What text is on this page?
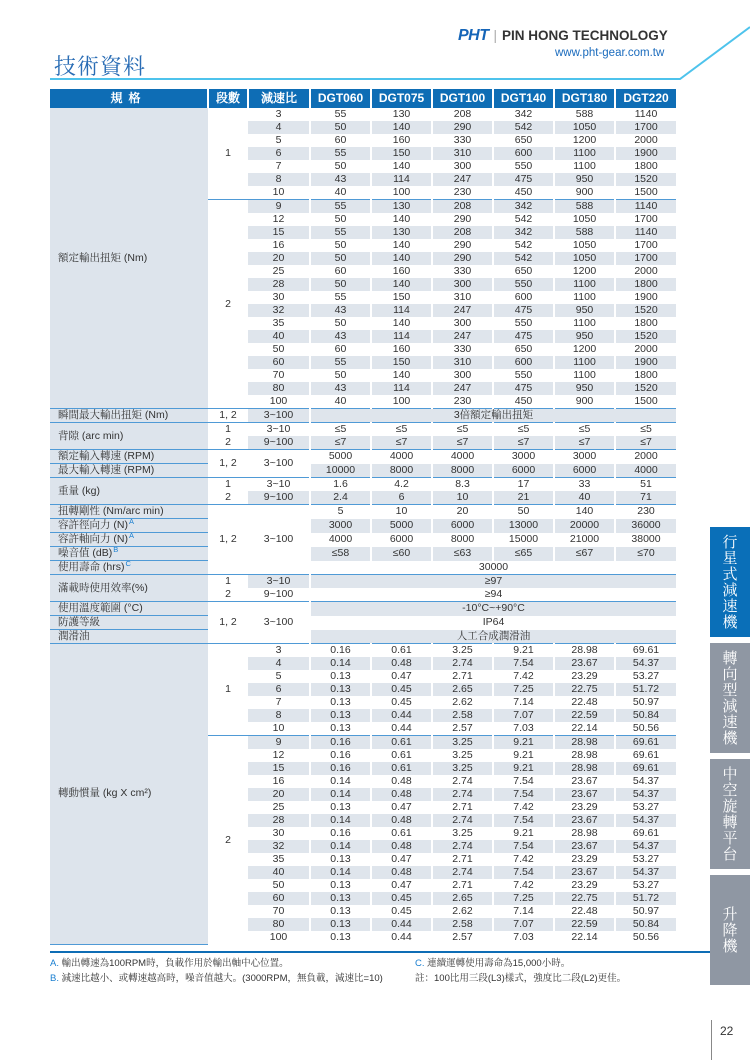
PHT | PIN HONG TECHNOLOGY
www.pht-gear.com.tw
技術資料
規格	段數	減速比	DGT060	DGT075	DGT100	DGT140	DGT180	DGT220
額定輸出扭矩 (Nm)	1	3	55	130	208	342	588	1140
		4	50	140	290	542	1050	1700
		5	60	160	330	650	1200	2000
		6	55	150	310	600	1100	1900
		7	50	140	300	550	1100	1800
		8	43	114	247	475	950	1520
		10	40	100	230	450	900	1500
	2	9	55	130	208	342	588	1140
		12	50	140	290	542	1050	1700
		15	55	130	208	342	588	1140
		16	50	140	290	542	1050	1700
		20	50	140	290	542	1050	1700
		25	60	160	330	650	1200	2000
		28	50	140	300	550	1100	1800
		30	55	150	310	600	1100	1900
		32	43	114	247	475	950	1520
		35	50	140	300	550	1100	1800
		40	43	114	247	475	950	1520
		50	60	160	330	650	1200	2000
		60	55	150	310	600	1100	1900
		70	50	140	300	550	1100	1800
		80	43	114	247	475	950	1520
		100	40	100	230	450	900	1500
瞬間最大輸出扭矩 (Nm)	1, 2	3~100	3倍額定輸出扭矩					
背隙 (arc min)	1	3~10	≤5	≤5	≤5	≤5	≤5	≤5
	2	9~100	≤7	≤7	≤7	≤7	≤7	≤7
額定輸入轉速 (RPM)	1, 2	3~100	5000	4000	4000	3000	3000	2000
最大輸入轉速 (RPM)			10000	8000	8000	6000	6000	4000
重量 (kg)	1	3~10	1.6	4.2	8.3	17	33	51
	2	9~100	2.4	6	10	21	40	71
扭轉剛性 (Nm/arc min)	1, 2	3~100	5	10	20	50	140	230
容許徑向力 $(N)^A$			3000	5000	6000	13000	20000	36000
容許軸向力 $(N)^A$			4000	6000	8000	15000	21000	38000
噪音值 (dB)$^B$			≤58	≤60	≤63	≤65	≤67	≤70
使用壽命 (hrs)$^C$			30000					
滿載時使用效率(%)	1	3~10	≥97					
	2	9~100	≥94					
使用溫度範圍 (°C)	1, 2	3~100	-10°C~+90°C					
防護等級			IP64					
潤滑油			人工合成潤滑油					
轉動慣量 (kg X cm²)	1	3	0.16	0.61	3.25	9.21	28.98	69.61
		4	0.14	0.48	2.74	7.54	23.67	54.37
		5	0.13	0.47	2.71	7.42	23.29	53.27
		6	0.13	0.45	2.65	7.25	22.75	51.72
		7	0.13	0.45	2.62	7.14	22.48	50.97
		8	0.13	0.44	2.58	7.07	22.59	50.84
		10	0.13	0.44	2.57	7.03	22.14	50.56
	2	9	0.16	0.61	3.25	9.21	28.98	69.61
		12	0.16	0.61	3.25	9.21	28.98	69.61
		15	0.16	0.61	3.25	9.21	28.98	69.61
		16	0.14	0.48	2.74	7.54	23.67	54.37
		20	0.14	0.48	2.74	7.54	23.67	54.37
		25	0.13	0.47	2.71	7.42	23.29	53.27
		28	0.14	0.48	2.74	7.54	23.67	54.37
		30	0.16	0.61	3.25	9.21	28.98	69.61
		32	0.14	0.48	2.74	7.54	23.67	54.37
		35	0.13	0.47	2.71	7.42	23.29	53.27
		40	0.14	0.48	2.74	7.54	23.67	54.37
		50	0.13	0.47	2.71	7.42	23.29	53.27
		60	0.13	0.45	2.65	7.25	22.75	51.72
		70	0.13	0.45	2.62	7.14	22.48	50.97
		80	0.13	0.44	2.58	7.07	22.59	50.84
		100	0.13	0.44	2.57	7.03	22.14	50.56
A. 輸出轉速為100RPM時，負載作用於輸出軸中心位置。
B. 減速比越小、或轉速越高時，噪音值越大。(3000RPM，無負載，減速比=10)
C. 連續運轉使用壽命為15,000小時。
註：100比用三段(L3)樣式，強度比二段(L2)更佳。
行星式減速機
轉向型減速機
中空旋轉平台
升降機
22
